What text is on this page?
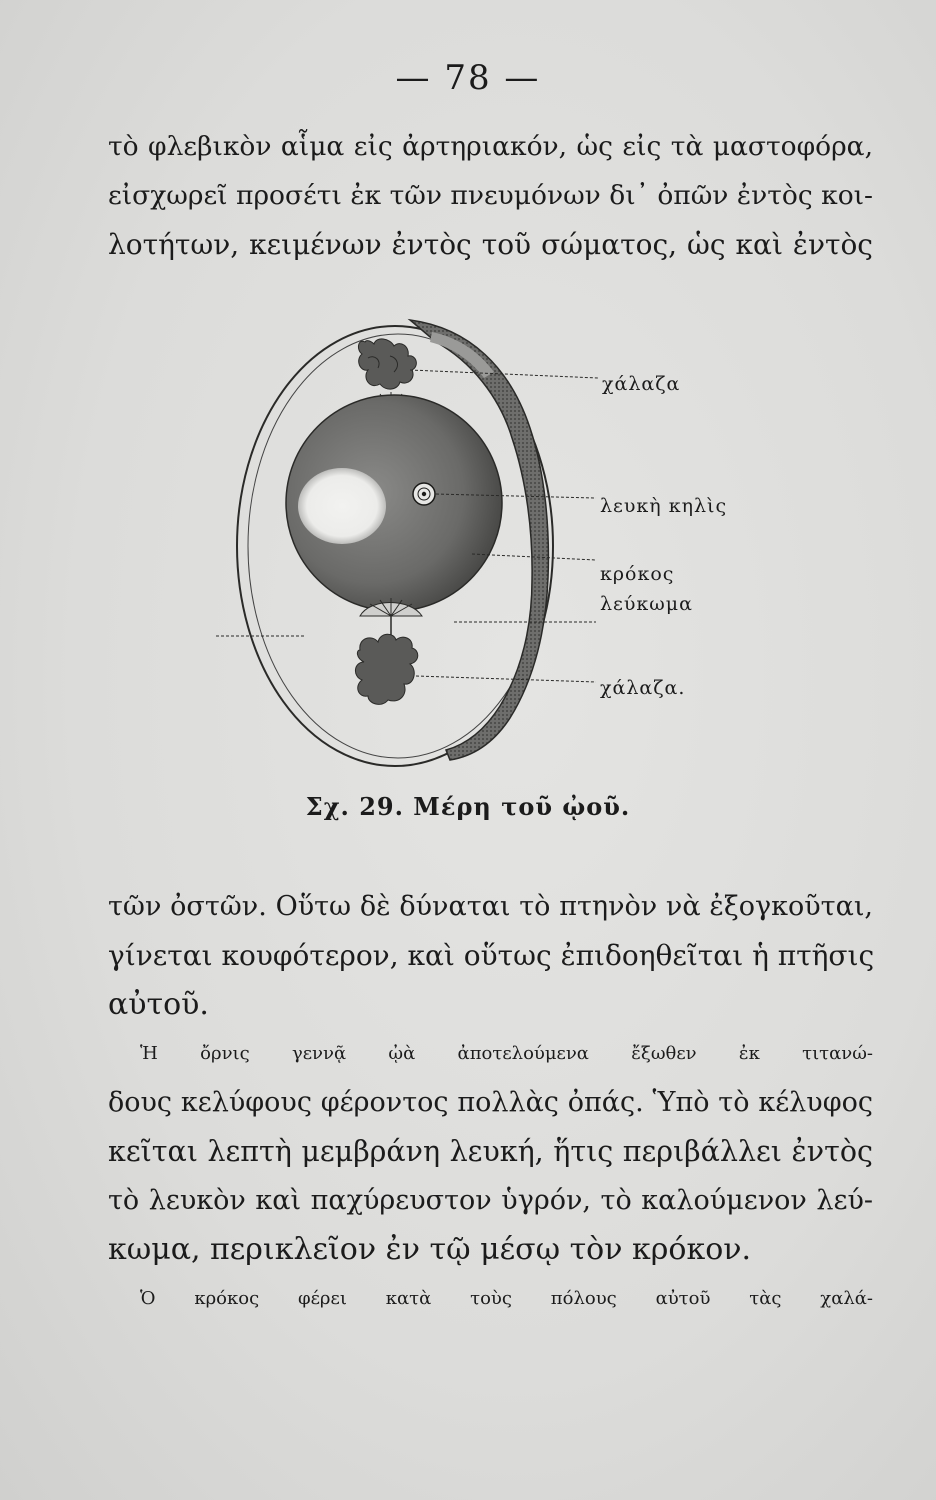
— 78 —
τὸ φλεβικὸν αἷμα εἰς ἀρτηριακόν, ὡς εἰς τὰ μαστοφόρα,
εἰσχωρεῖ προσέτι ἐκ τῶν πνευμόνων δι᾽ ὀπῶν ἐντὸς κοι-
λοτήτων, κειμένων ἐντὸς τοῦ σώματος, ὡς καὶ ἐντὸς
χάλαζα
λευκὴ κηλὶς
κρόκος
λεύκωμα
χάλαζα.
Σχ. 29. Μέρη τοῦ ᾠοῦ.
τῶν ὀστῶν. Οὕτω δὲ δύναται τὸ πτηνὸν νὰ ἐξογκοῦται,
γίνεται κουφότερον, καὶ οὕτως ἐπιδοηθεῖται ἡ πτῆσις
αὐτοῦ.
Ἡ ὄρνις γεννᾷ ᾠὰ ἀποτελούμενα ἔξωθεν ἐκ τιτανώ-
δους κελύφους φέροντος πολλὰς ὀπάς. Ὑπὸ τὸ κέλυφος
κεῖται λεπτὴ μεμβράνη λευκή, ἥτις περιβάλλει ἐντὸς
τὸ λευκὸν καὶ παχύρευστον ὑγρόν, τὸ καλούμενον λεύ-
κωμα, περικλεῖον ἐν τῷ μέσῳ τὸν κρόκον.
Ὁ κρόκος φέρει κατὰ τοὺς πόλους αὐτοῦ τὰς χαλά-
